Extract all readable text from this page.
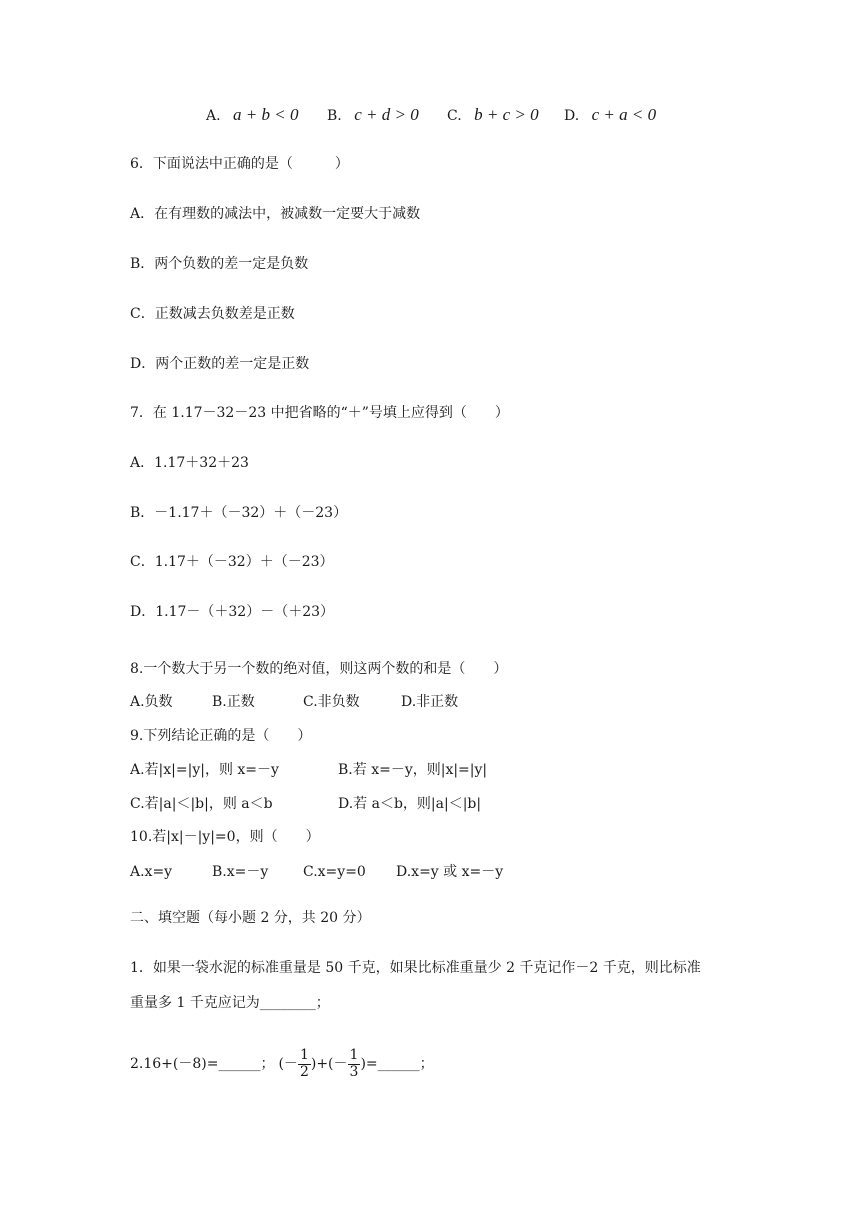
A. a + b < 0 B. c + d > 0 C. b + c > 0 D. c + a < 0
6．下面说法中正确的是（　　　）
A．在有理数的减法中，被减数一定要大于减数
B．两个负数的差一定是负数
C．正数减去负数差是正数
D．两个正数的差一定是正数
7．在 1.17－32－23 中把省略的“＋”号填上应得到（　　）
A．1.17＋32＋23
B．－1.17＋（－32）＋（－23）
C．1.17＋（－32）＋（－23）
D．1.17－（＋32）－（＋23）
8.一个数大于另一个数的绝对值，则这两个数的和是（　　）
A.负数	B.正数	C.非负数	D.非正数
9.下列结论正确的是（　　）
A.若|x|=|y|，则 x=－y	B.若 x=－y，则|x|=|y|
C.若|a|＜|b|，则 a＜b	D.若 a＜b，则|a|＜|b|
10.若|x|－|y|=0，则（　　）
A.x=y	B.x=－y C.x=y=0 D.x=y 或 x=－y
二、填空题（每小题 2 分，共 20 分）
1．如果一袋水泥的标准重量是 50 千克，如果比标准重量少 2 千克记作－2 千克，则比标准
重量多 1 千克应记为________；
2.16+(－8)=______； (－ $\frac{1}{2}$ )+(－ $\frac{1}{3}$ )=______；
